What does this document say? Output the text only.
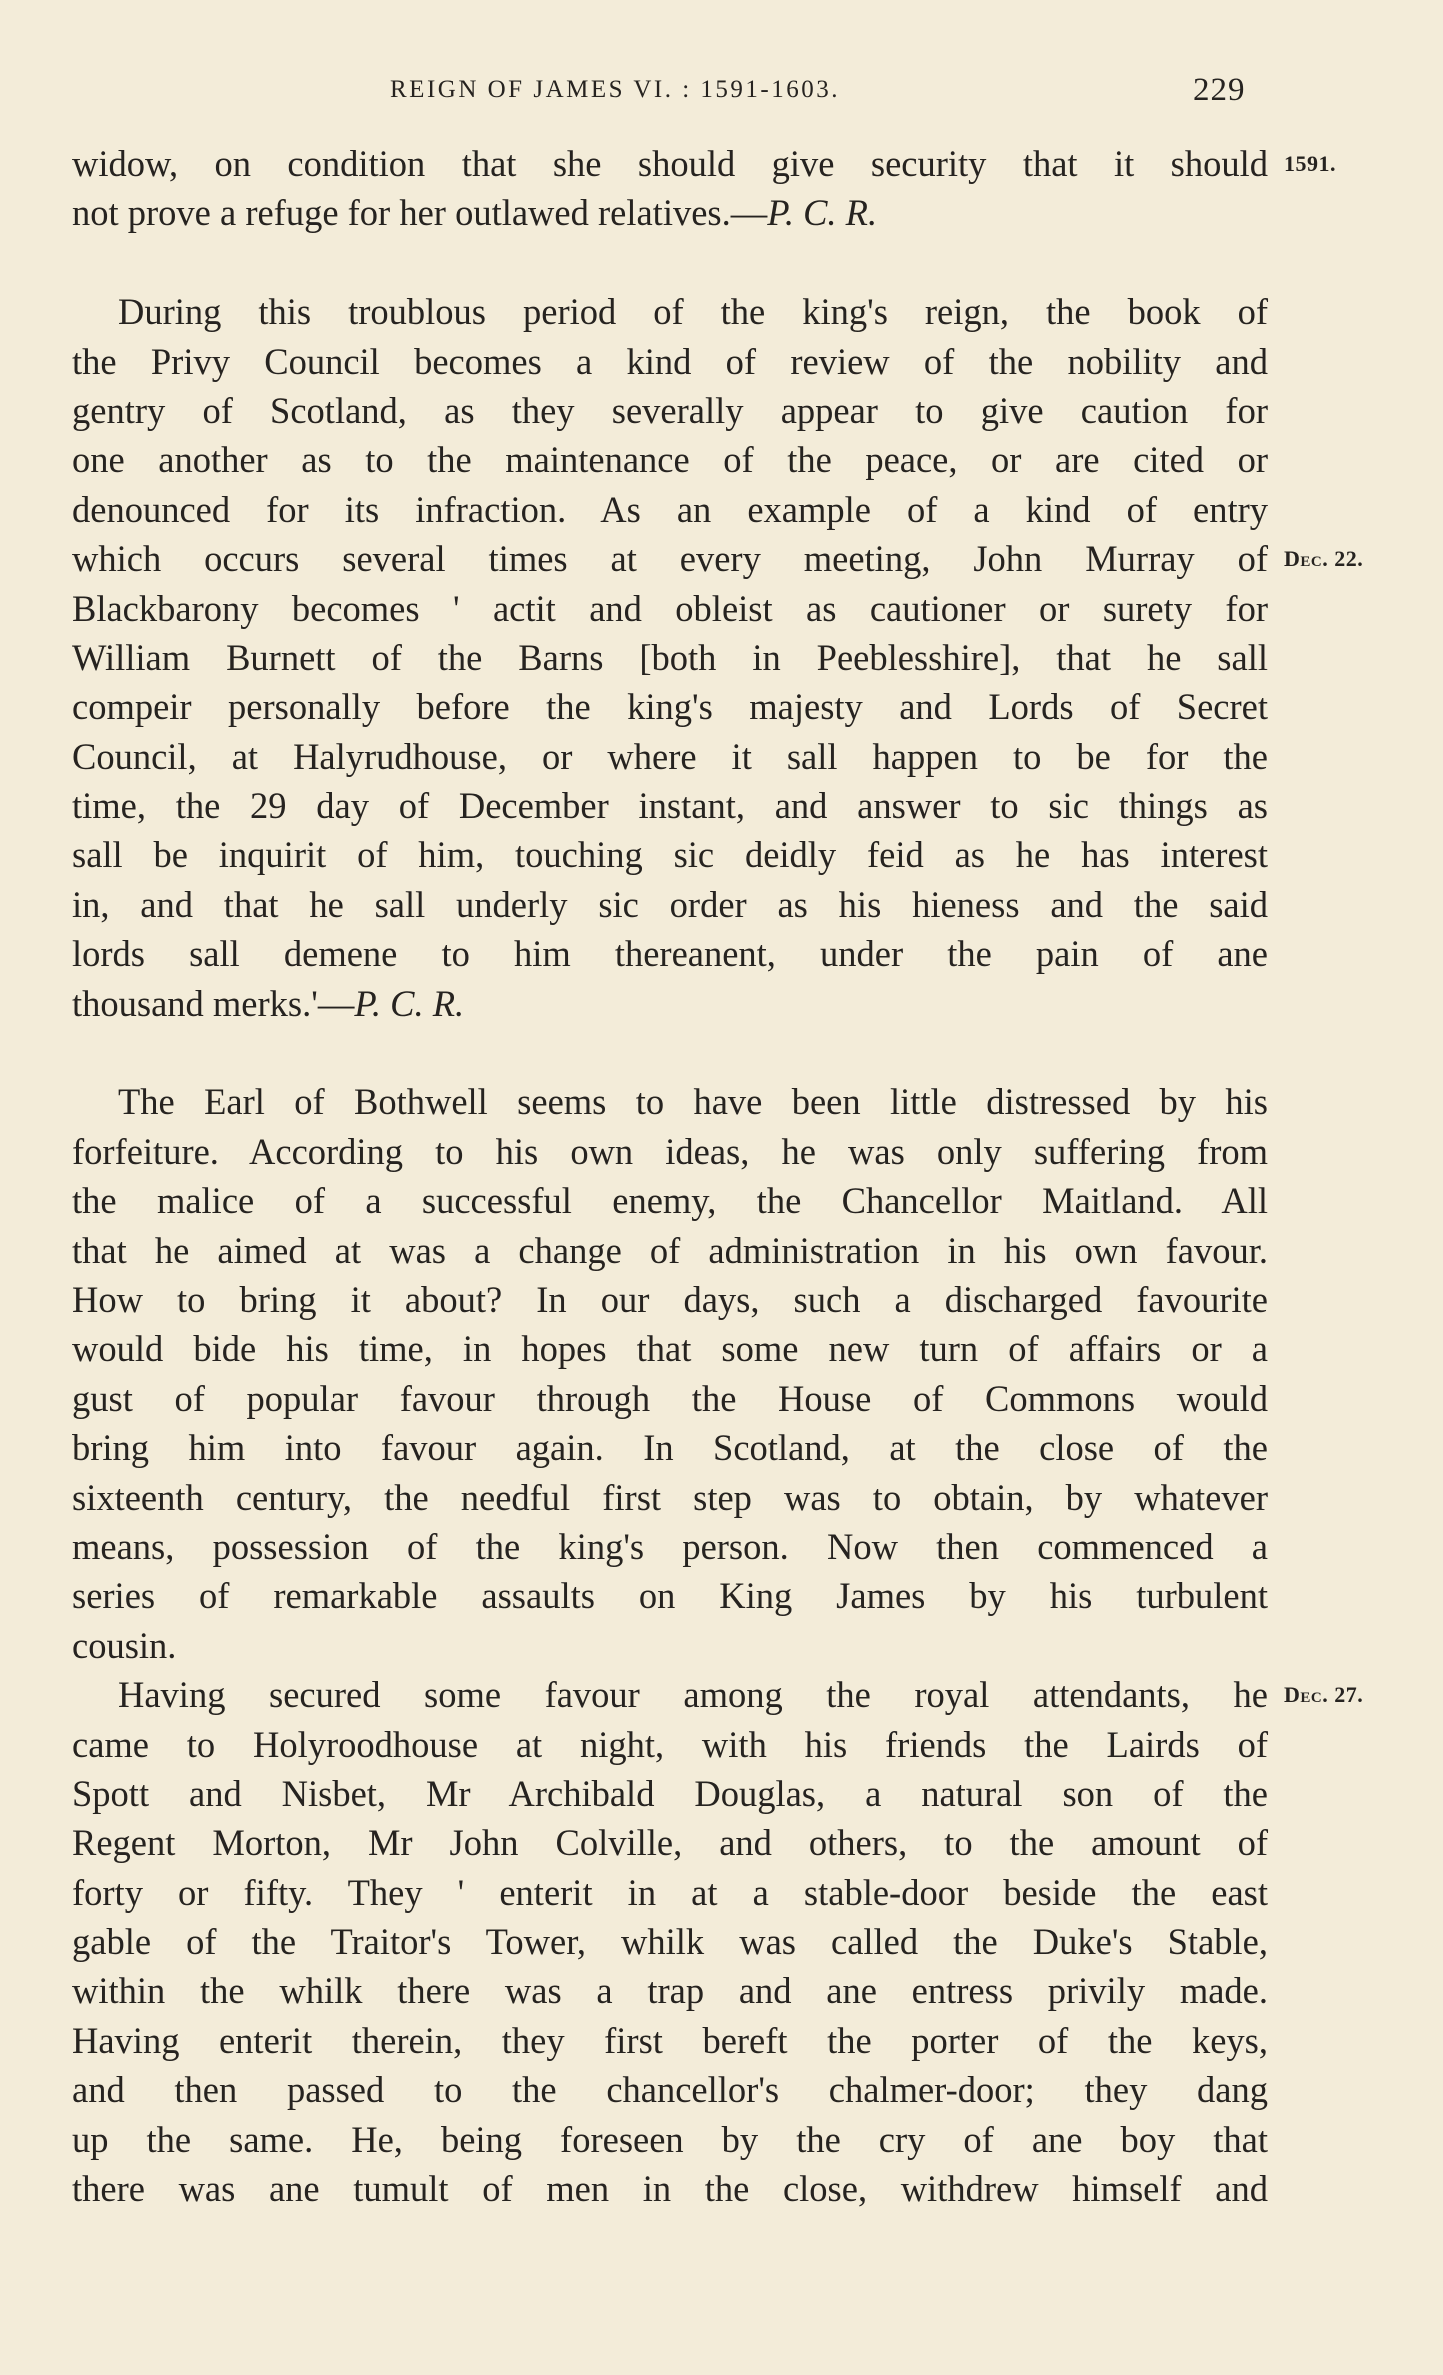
REIGN OF JAMES VI. : 1591-1603.	229
widow, on condition that she should give security that it should 1591.
not prove a refuge for her outlawed relatives.—P. C. R.
During this troublous period of the king's reign, the book of
the Privy Council becomes a kind of review of the nobility and
gentry of Scotland, as they severally appear to give caution for
one another as to the maintenance of the peace, or are cited or
denounced for its infraction. As an example of a kind of entry
which occurs several times at every meeting, John Murray of Dec. 22.
Blackbarony becomes ' actit and obleist as cautioner or surety for
William Burnett of the Barns [both in Peeblesshire], that he sall
compeir personally before the king's majesty and Lords of Secret
Council, at Halyrudhouse, or where it sall happen to be for the
time, the 29 day of December instant, and answer to sic things as
sall be inquirit of him, touching sic deidly feid as he has interest
in, and that he sall underly sic order as his hieness and the said
lords sall demene to him thereanent, under the pain of ane
thousand merks.'—P. C. R.
The Earl of Bothwell seems to have been little distressed by his
forfeiture. According to his own ideas, he was only suffering from
the malice of a successful enemy, the Chancellor Maitland. All
that he aimed at was a change of administration in his own favour.
How to bring it about? In our days, such a discharged favourite
would bide his time, in hopes that some new turn of affairs or a
gust of popular favour through the House of Commons would
bring him into favour again. In Scotland, at the close of the
sixteenth century, the needful first step was to obtain, by whatever
means, possession of the king's person. Now then commenced a
series of remarkable assaults on King James by his turbulent
cousin.
Having secured some favour among the royal attendants, he Dec. 27.
came to Holyroodhouse at night, with his friends the Lairds of
Spott and Nisbet, Mr Archibald Douglas, a natural son of the
Regent Morton, Mr John Colville, and others, to the amount of
forty or fifty. They ' enterit in at a stable-door beside the east
gable of the Traitor's Tower, whilk was called the Duke's Stable,
within the whilk there was a trap and ane entress privily made.
Having enterit therein, they first bereft the porter of the keys,
and then passed to the chancellor's chalmer-door; they dang
up the same. He, being foreseen by the cry of ane boy that
there was ane tumult of men in the close, withdrew himself and
